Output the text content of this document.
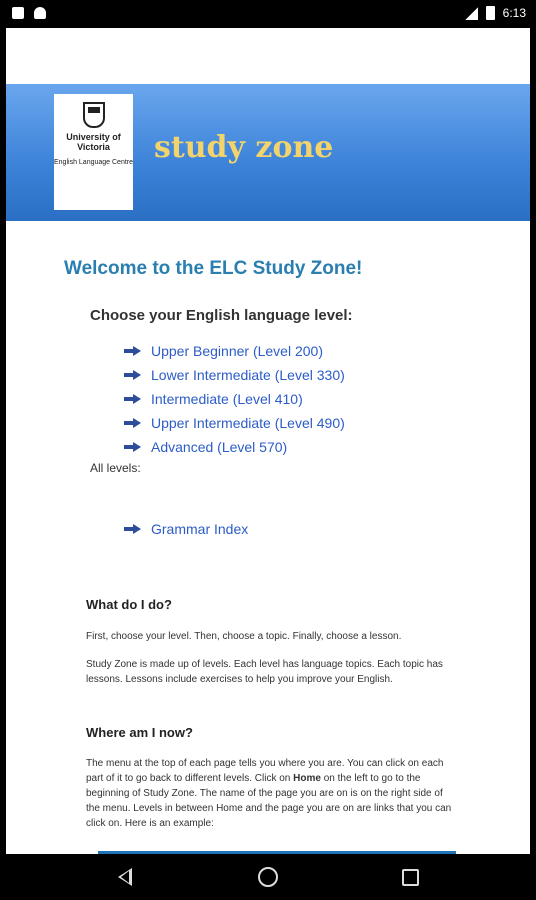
6:13
University of Victoria
English Language Centre study zone
Welcome to the ELC Study Zone!
Choose your English language level:
Upper Beginner (Level 200)
Lower Intermediate (Level 330)
Intermediate (Level 410)
Upper Intermediate (Level 490)
Advanced (Level 570)
All levels:
Grammar Index
What do I do?
First, choose your level. Then, choose a topic. Finally, choose a lesson.
Study Zone is made up of levels. Each level has language topics. Each topic has lessons. Lessons include exercises to help you improve your English.
Where am I now?
The menu at the top of each page tells you where you are. You can click on each part of it to go back to different levels. Click on Home on the left to go to the beginning of Study Zone. The name of the page you are on is on the right side of the menu. Levels in between Home and the page you are on are links that you can click on. Here is an example:
